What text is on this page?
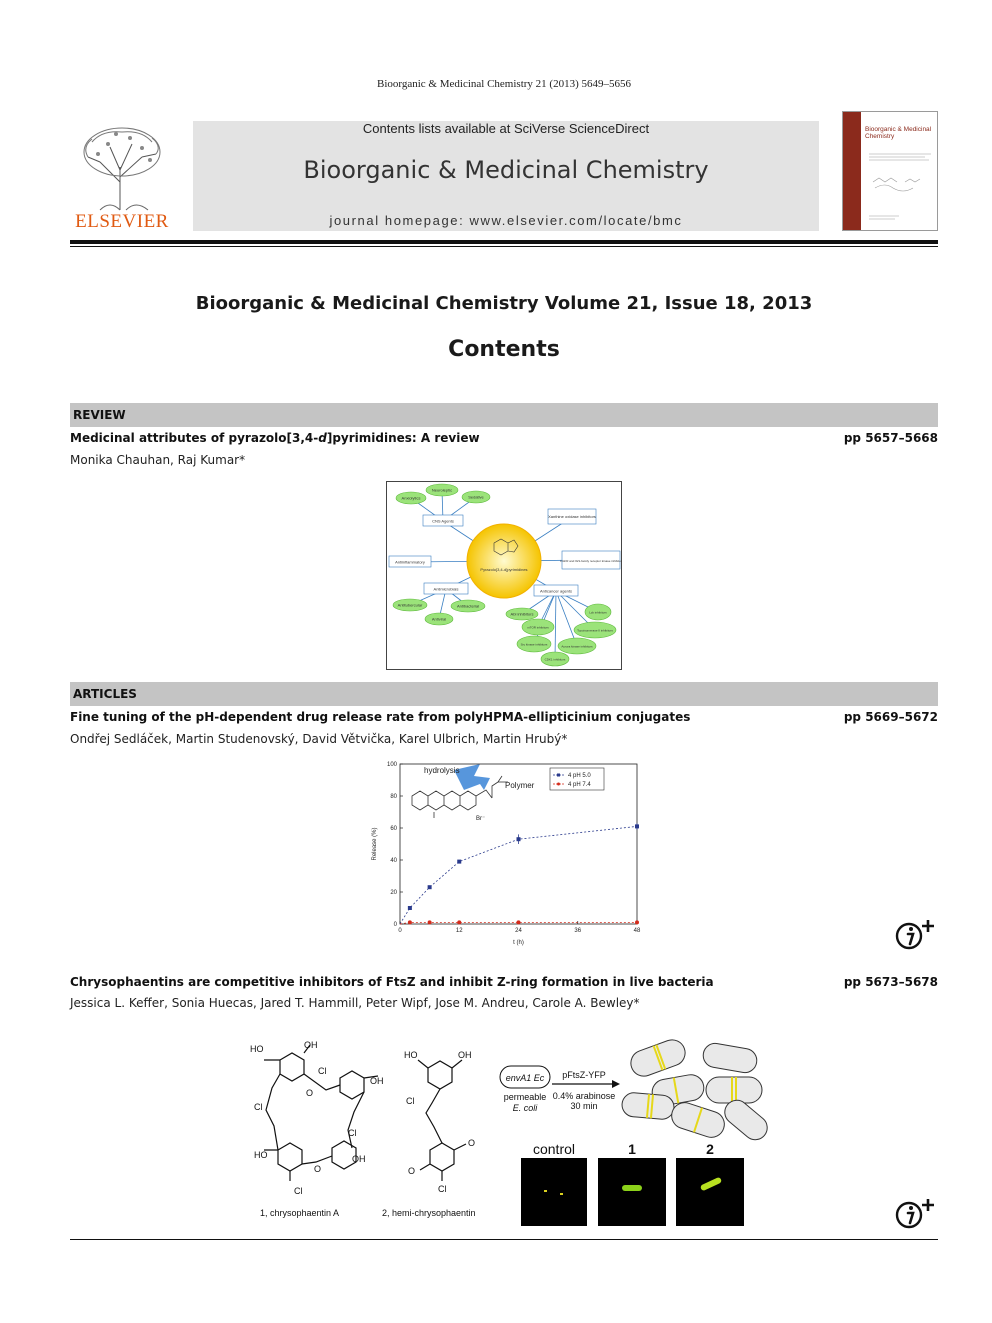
Bioorganic & Medicinal Chemistry 21 (2013) 5649–5656
ELSEVIER
Contents lists available at SciVerse ScienceDirect
Bioorganic & Medicinal Chemistry
journal homepage: www.elsevier.com/locate/bmc
Bioorganic & Medicinal Chemistry
Bioorganic & Medicinal Chemistry Volume 21, Issue 18, 2013
Contents
REVIEW
Medicinal attributes of pyrazolo[3,4-d]pyrimidines: A review	pp 5657–5668
Monika Chauhan, Raj Kumar*
Pyrazolo[3,4-d]pyrimidines
CNS Agents
Xanthine oxidase inhibitors
Antiinflammatory	FGFR and IGS-family receptor kinase inhibitor
Antimicrobials	Anticancer agents
Anxiolytics
Neuroleptic
Sedative
Antitubercular	Antibacterial
Antiviral
Abl inhibitors	Lck inhibitors
mTOR inhibitors
Topoisomerase II inhibitors
Src kinase inhibitors	Aurora kinase inhibitors
CDK1 inhibitors
ARTICLES
Fine tuning of the pH-dependent drug release rate from polyHPMA-ellipticinium conjugates	pp 5669–5672
Ondřej Sedláček, Martin Studenovský, David Větvička, Karel Ulbrich, Martin Hrubý*
hydrolysis
Polymer
Br⁻
4 pH 5.0
4 pH 7.4
0	12	24	36	48
0
20
40
60
80
100
t (h)
Release (%)
Chrysophaentins are competitive inhibitors of FtsZ and inhibit Z-ring formation in live bacteria	pp 5673–5678
Jessica L. Keffer, Sonia Huecas, Jared T. Hammill, Peter Wipf, Jose M. Andreu, Carole A. Bewley*
HO	OH
Cl
O
OH
Cl
Cl
HO
O
OH
Cl
1, chrysophaentin A
HO	OH
Cl
O
O
Cl
2, hemi-chrysophaentin
envA1 Ec
permeable
E. coli
pFtsZ-YFP
0.4% arabinose
30 min
control	1	2
